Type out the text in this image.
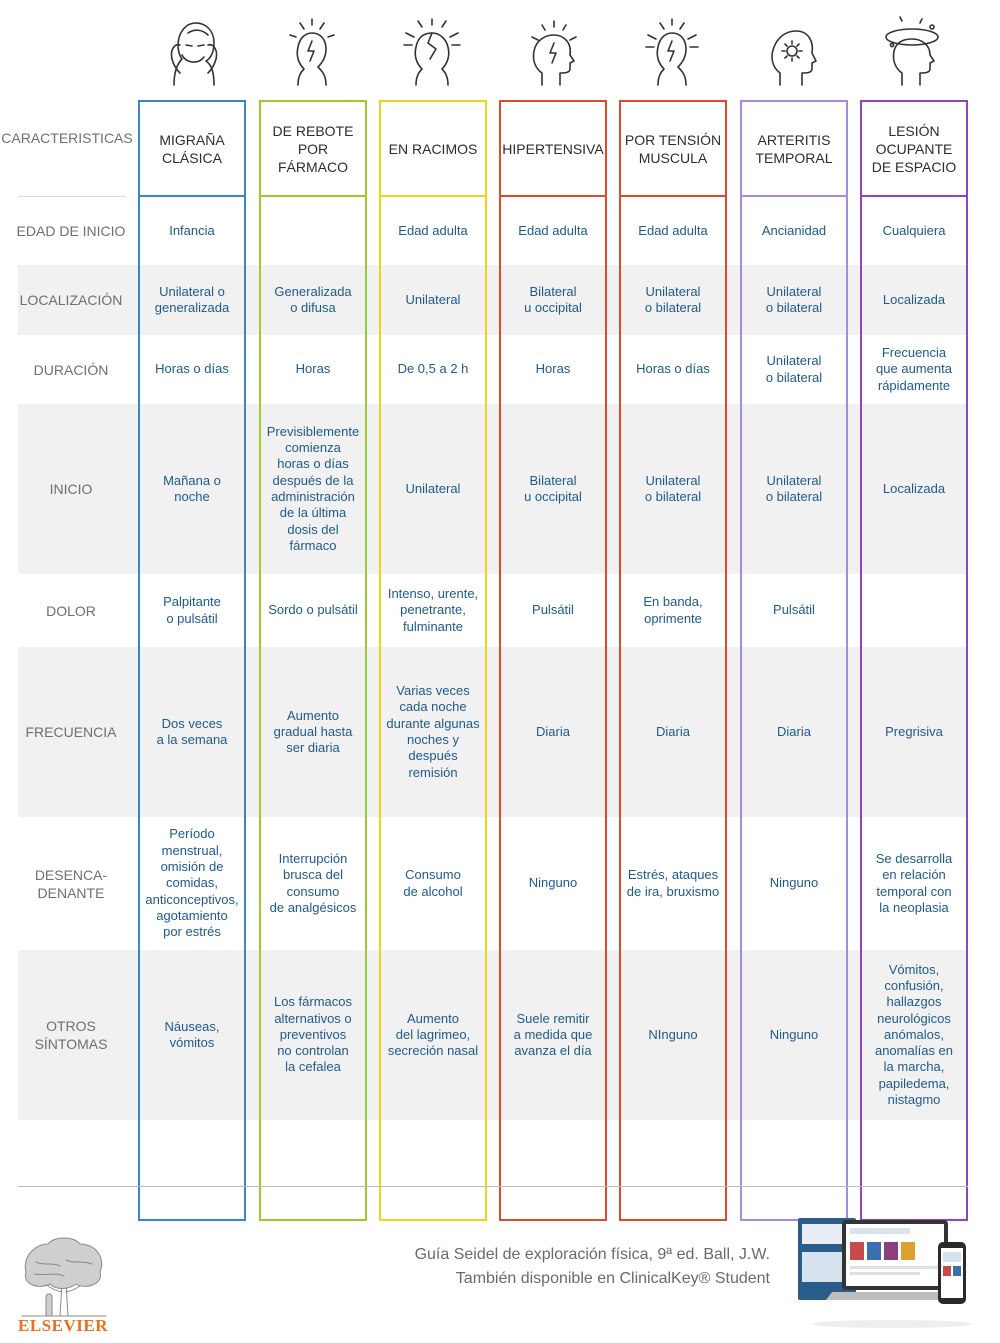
CARACTERISTICAS
EDAD DE INICIO
LOCALIZACIÓN
DURACIÓN
INICIO
DOLOR
FRECUENCIA
DESENCA-
DENANTE
OTROS
SÍNTOMAS
MIGRAÑA
CLÁSICA
Infancia
Unilateral o
generalizada
Horas o días
Mañana o
noche
Palpitante
o pulsátil
Dos veces
a la semana
Período menstrual,
omisión de
comidas,
anticonceptivos,
agotamiento
por estrés
Náuseas,
vómitos
DE REBOTE
POR FÁRMACO
Generalizada
o difusa
Horas
Previsiblemente
comienza
horas o días
después de la
administración
de la última
dosis del
fármaco
Sordo o pulsátil
Aumento
gradual hasta
ser diaria
Interrupción
brusca del
consumo
de analgésicos
Los fármacos
alternativos o
preventivos
no controlan
la cefalea
EN RACIMOS
Edad adulta
Unilateral
De 0,5 a 2 h
Unilateral
Intenso, urente,
penetrante,
fulminante
Varias veces
cada noche
durante algunas
noches y
después
remisión
Consumo
de alcohol
Aumento
del lagrimeo,
secreción nasal
HIPERTENSIVA
Edad adulta
Bilateral
u occipital
Horas
Bilateral
u occipital
Pulsátil
Diaria
Ninguno
Suele remitir
a medida que
avanza el día
POR TENSIÓN
MUSCULA
Edad adulta
Unilateral
o bilateral
Horas o días
Unilateral
o bilateral
En banda,
oprimente
Diaria
Estrés, ataques
de ira, bruxismo
NInguno
ARTERITIS
TEMPORAL
Ancianidad
Unilateral
o bilateral
Unilateral
o bilateral
Unilateral
o bilateral
Pulsátil
Diaria
Ninguno
Ninguno
LESIÓN
OCUPANTE
DE ESPACIO
Cualquiera
Localizada
Frecuencia
que aumenta
rápidamente
Localizada
Pregrisiva
Se desarrolla
en relación
temporal con
la neoplasia
Vómitos,
confusión,
hallazgos
neurológicos
anómalos,
anomalías en
la marcha,
papiledema,
nistagmo
ELSEVIER
Guía Seidel de exploración física, 9ª ed. Ball, J.W.
También disponible en ClinicalKey® Student
